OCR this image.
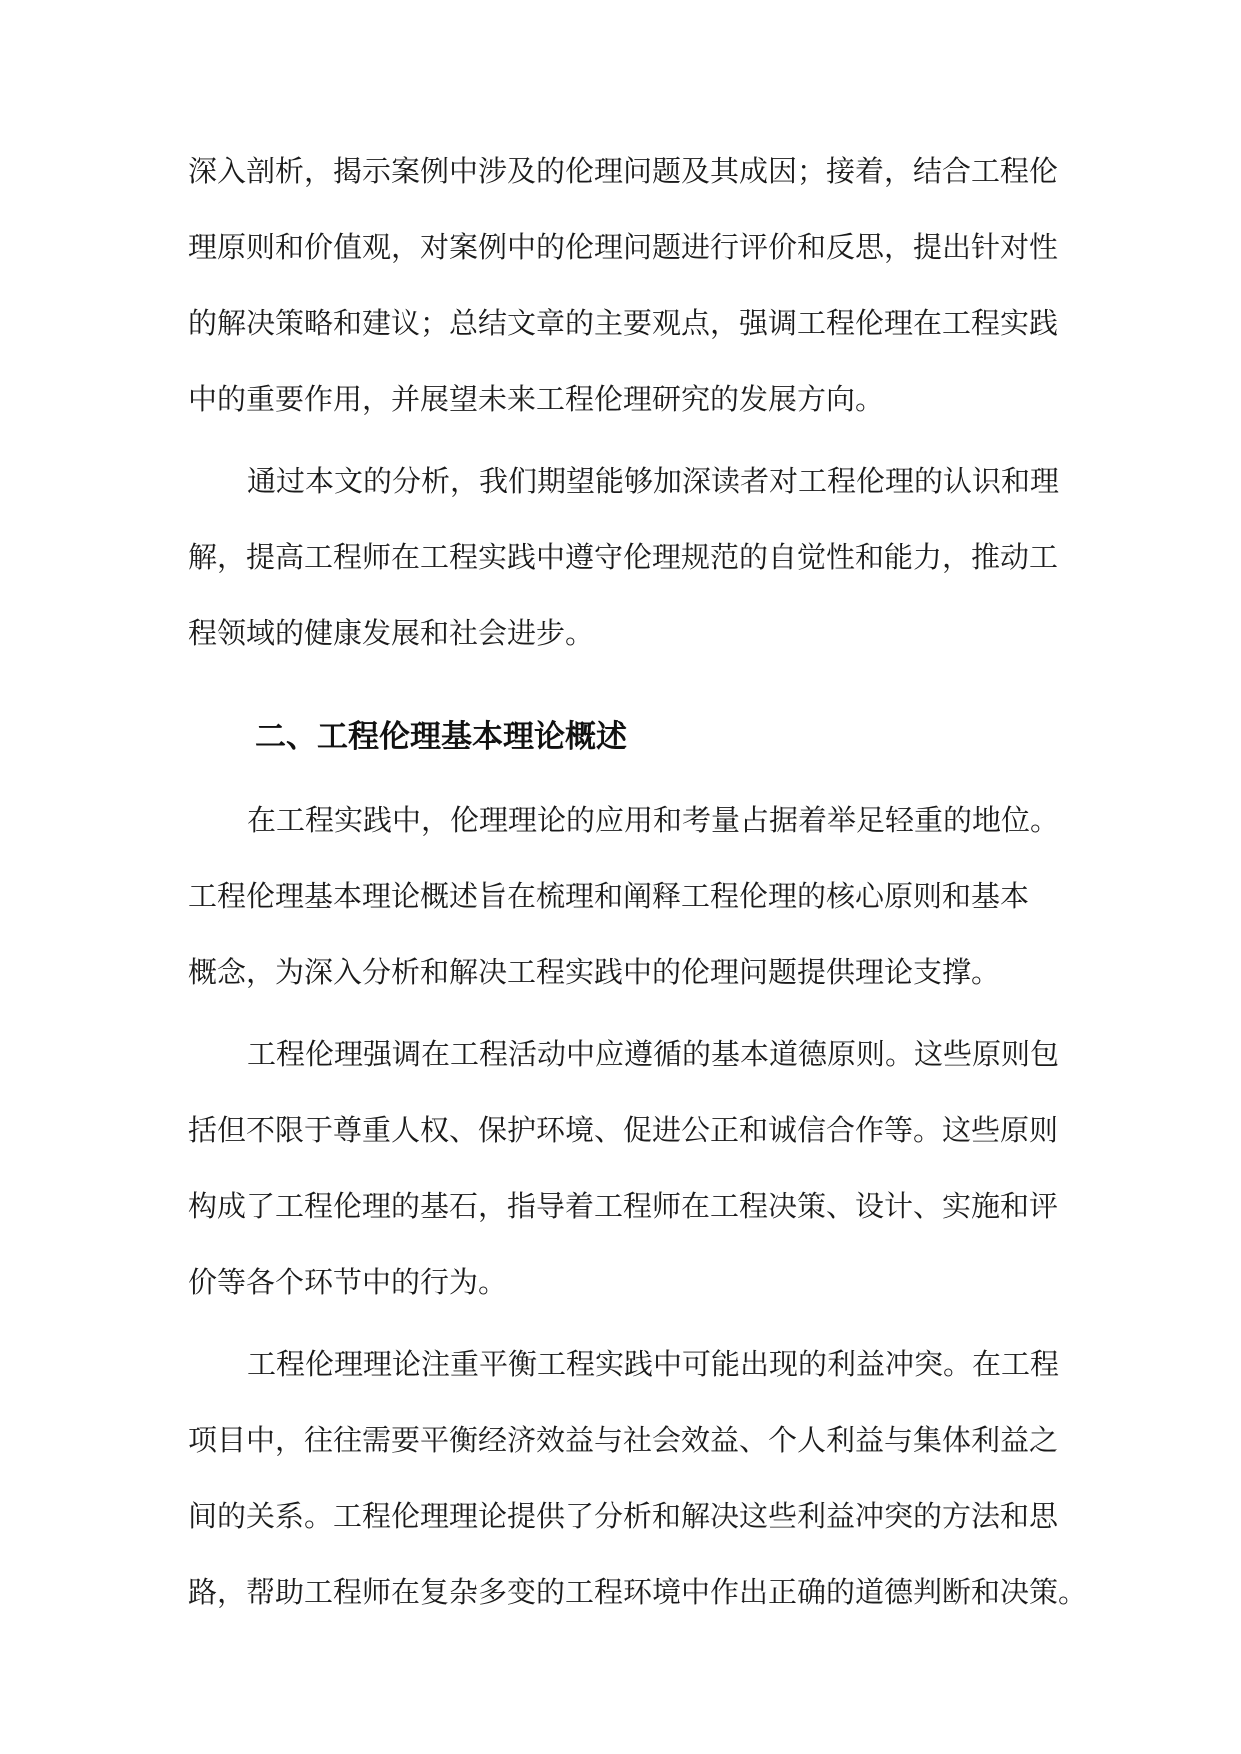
深入剖析，揭示案例中涉及的伦理问题及其成因；接着，结合工程伦

理原则和价值观，对案例中的伦理问题进行评价和反思，提出针对性

的解决策略和建议；总结文章的主要观点，强调工程伦理在工程实践

中的重要作用，并展望未来工程伦理研究的发展方向。

通过本文的分析，我们期望能够加深读者对工程伦理的认识和理

解，提高工程师在工程实践中遵守伦理规范的自觉性和能力，推动工

程领域的健康发展和社会进步。

二、工程伦理基本理论概述

在工程实践中，伦理理论的应用和考量占据着举足轻重的地位。

工程伦理基本理论概述旨在梳理和阐释工程伦理的核心原则和基本

概念，为深入分析和解决工程实践中的伦理问题提供理论支撑。

工程伦理强调在工程活动中应遵循的基本道德原则。这些原则包

括但不限于尊重人权、保护环境、促进公正和诚信合作等。这些原则

构成了工程伦理的基石，指导着工程师在工程决策、设计、实施和评

价等各个环节中的行为。

工程伦理理论注重平衡工程实践中可能出现的利益冲突。在工程

项目中，往往需要平衡经济效益与社会效益、个人利益与集体利益之

间的关系。工程伦理理论提供了分析和解决这些利益冲突的方法和思

路，帮助工程师在复杂多变的工程环境中作出正确的道德判断和决策。
